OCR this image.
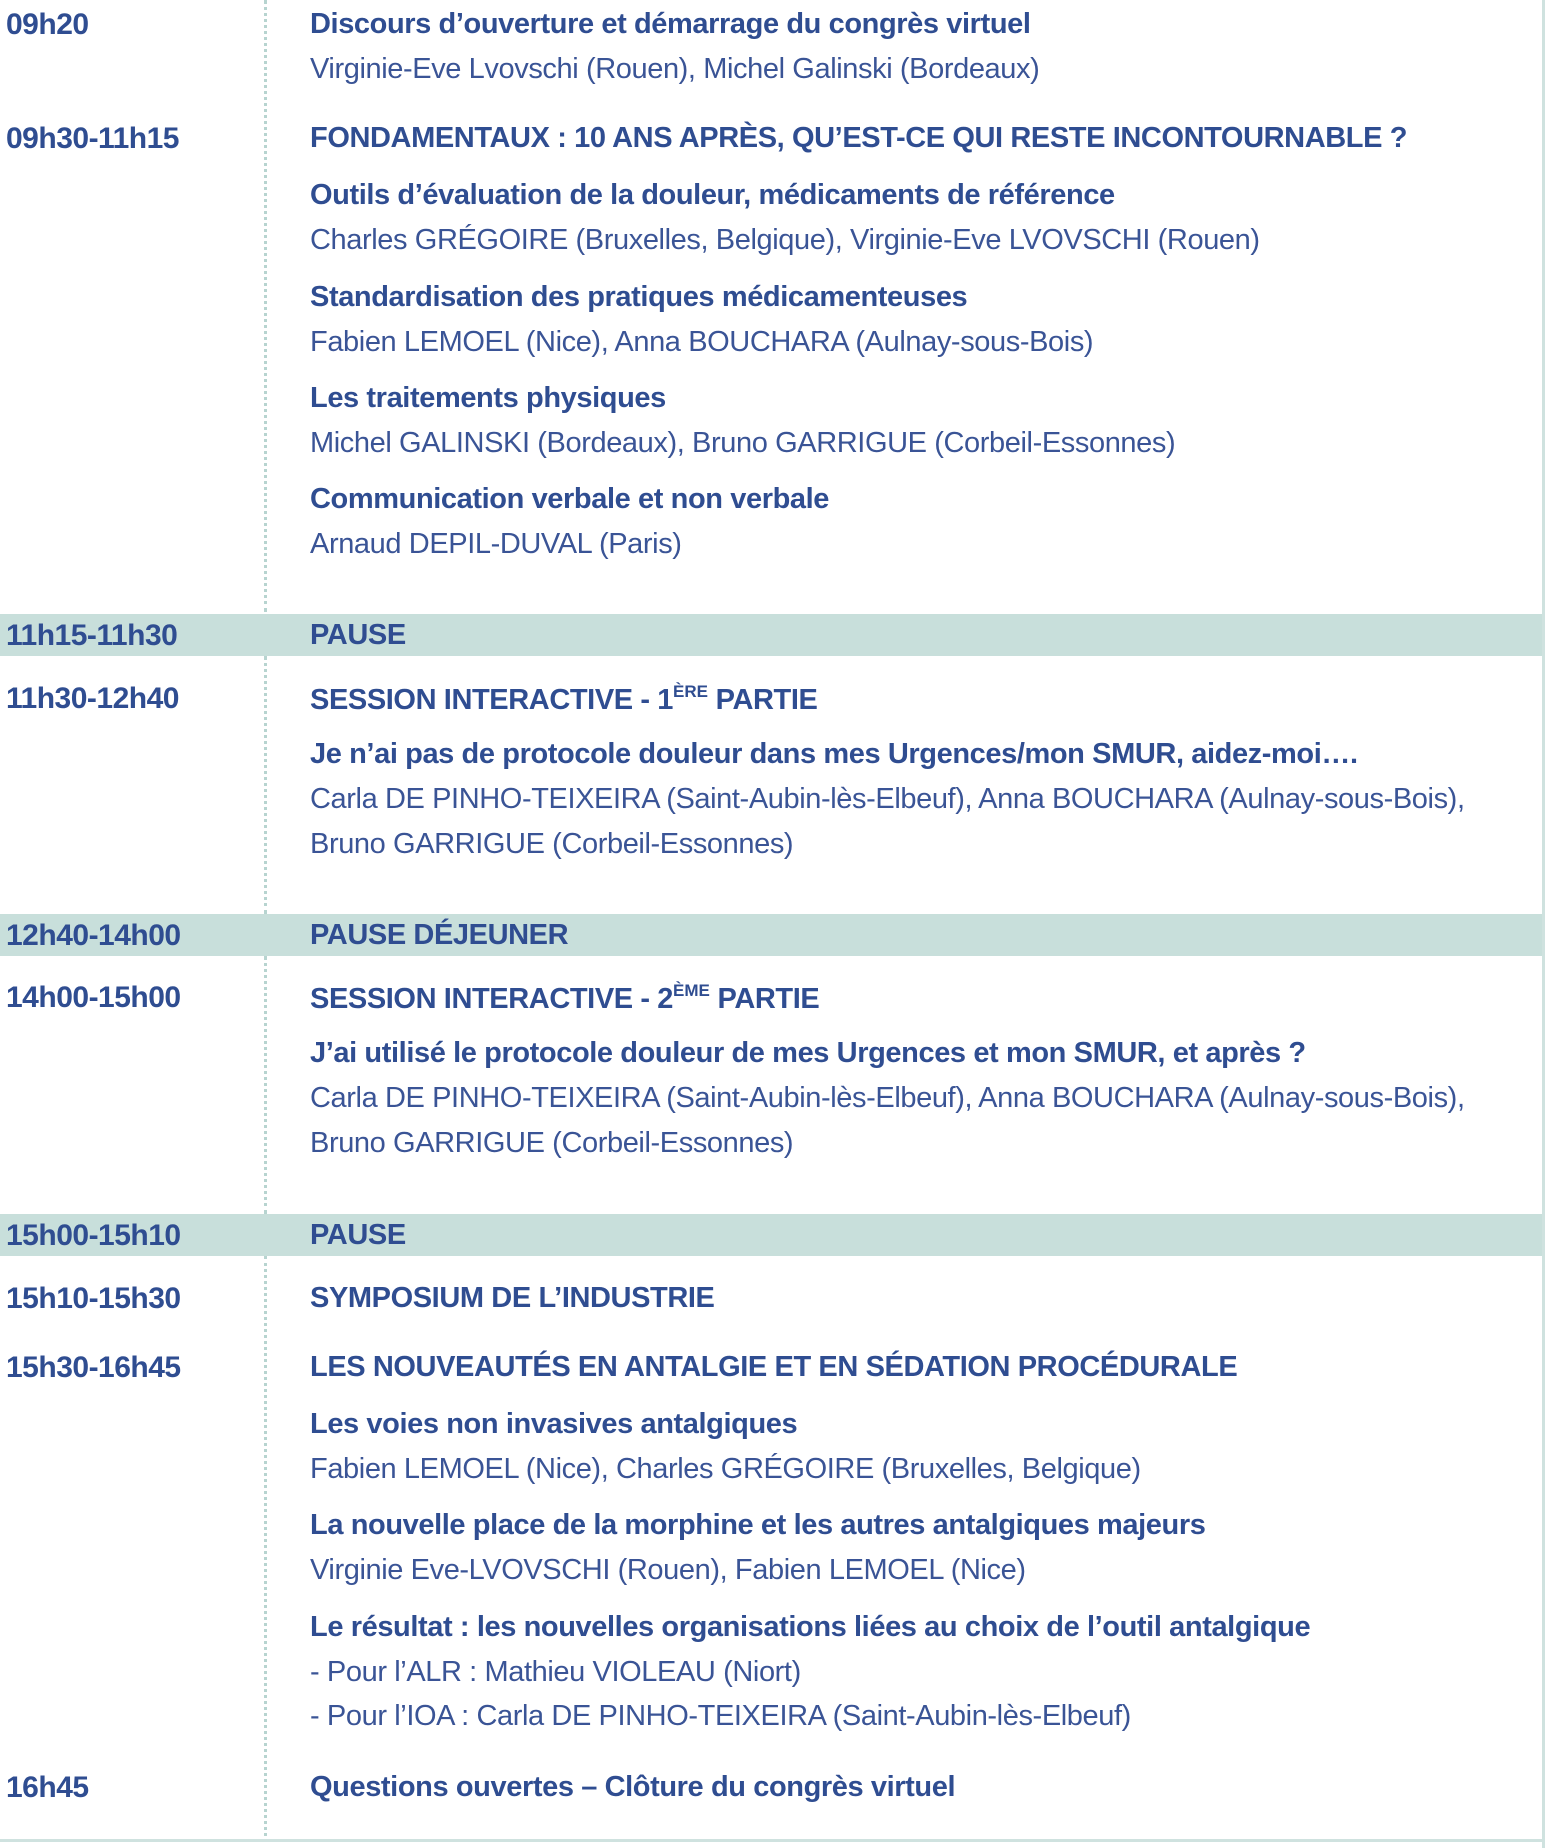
09h20	Discours d’ouverture et démarrage du congrès virtuel
Virginie-Eve Lvovschi (Rouen), Michel Galinski (Bordeaux)
09h30-11h15	FONDAMENTAUX : 10 ANS APRÈS, QU’EST-CE QUI RESTE INCONTOURNABLE ?
Outils d’évaluation de la douleur, médicaments de référence
Charles GRÉGOIRE (Bruxelles, Belgique), Virginie-Eve LVOVSCHI (Rouen)
Standardisation des pratiques médicamenteuses
Fabien LEMOEL (Nice), Anna BOUCHARA (Aulnay-sous-Bois)
Les traitements physiques
Michel GALINSKI (Bordeaux), Bruno GARRIGUE (Corbeil-Essonnes)
Communication verbale et non verbale
Arnaud DEPIL-DUVAL (Paris)
11h15-11h30	PAUSE
11h30-12h40	SESSION INTERACTIVE - 1ÈRE PARTIE
Je n’ai pas de protocole douleur dans mes Urgences/mon SMUR, aidez-moi….
Carla DE PINHO-TEIXEIRA (Saint-Aubin-lès-Elbeuf), Anna BOUCHARA (Aulnay-sous-Bois),
Bruno GARRIGUE (Corbeil-Essonnes)
12h40-14h00	PAUSE DÉJEUNER
14h00-15h00	SESSION INTERACTIVE - 2ÈME PARTIE
J’ai utilisé le protocole douleur de mes Urgences et mon SMUR, et après ?
Carla DE PINHO-TEIXEIRA (Saint-Aubin-lès-Elbeuf), Anna BOUCHARA (Aulnay-sous-Bois),
Bruno GARRIGUE (Corbeil-Essonnes)
15h00-15h10	PAUSE
15h10-15h30	SYMPOSIUM DE L’INDUSTRIE
15h30-16h45	LES NOUVEAUTÉS EN ANTALGIE ET EN SÉDATION PROCÉDURALE
Les voies non invasives antalgiques
Fabien LEMOEL (Nice), Charles GRÉGOIRE (Bruxelles, Belgique)
La nouvelle place de la morphine et les autres antalgiques majeurs
Virginie Eve-LVOVSCHI (Rouen), Fabien LEMOEL (Nice)
Le résultat : les nouvelles organisations liées au choix de l’outil antalgique
- Pour l’ALR : Mathieu VIOLEAU (Niort)
- Pour l’IOA : Carla DE PINHO-TEIXEIRA (Saint-Aubin-lès-Elbeuf)
16h45	Questions ouvertes – Clôture du congrès virtuel
